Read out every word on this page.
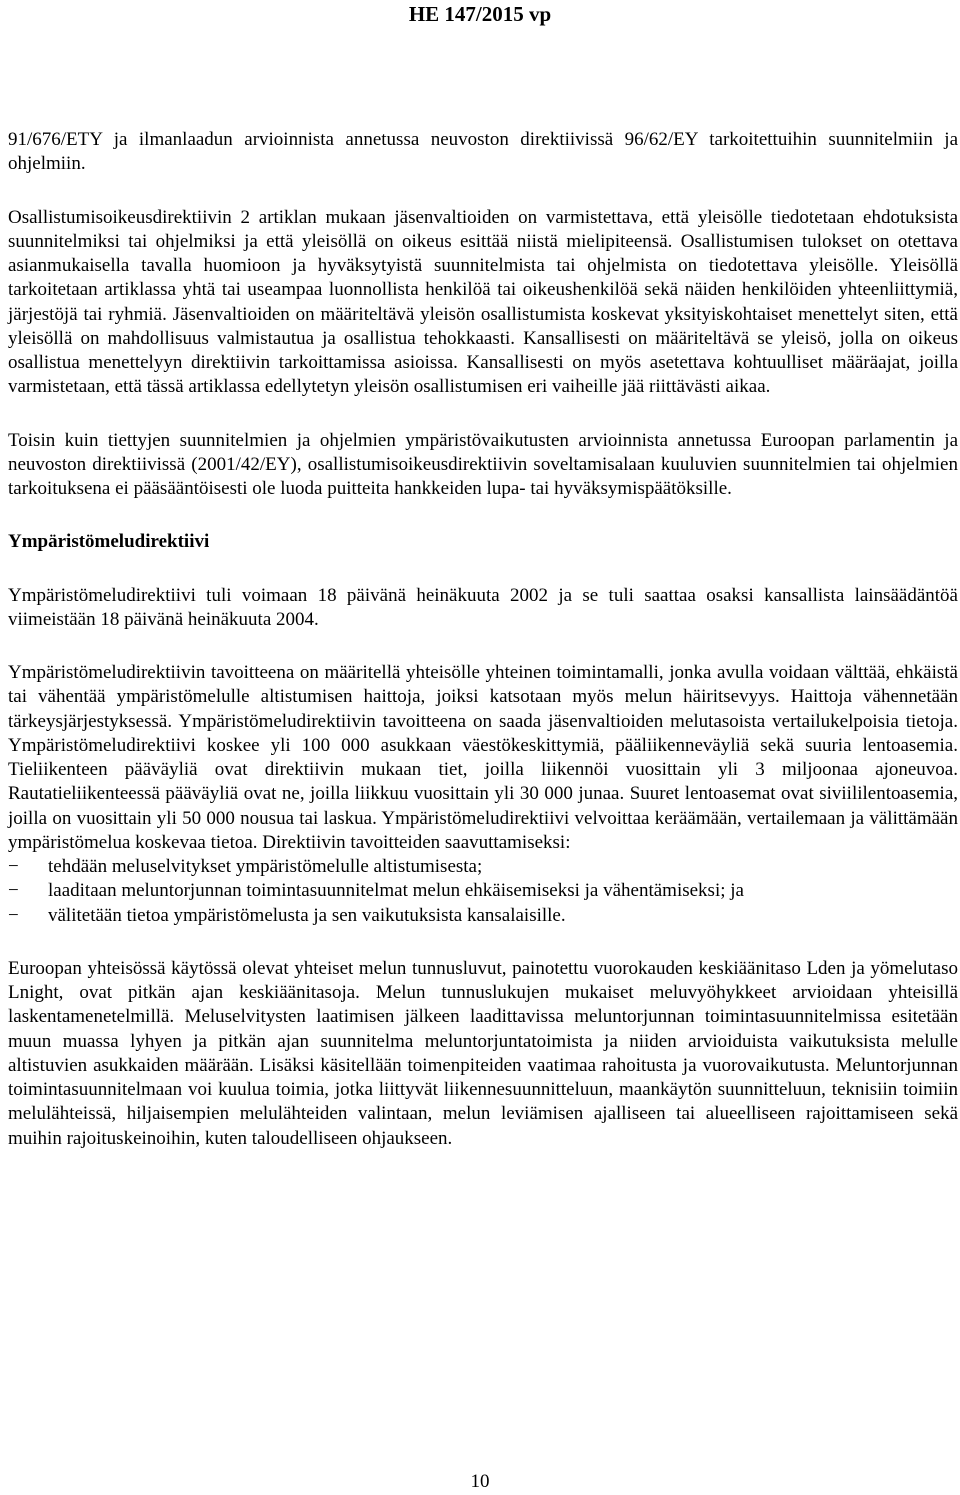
HE 147/2015 vp

91/676/ETY ja ilmanlaadun arvioinnista annetussa neuvoston direktiivissä 96/62/EY tarkoitettuihin suunnitelmiin ja ohjelmiin.

Osallistumisoikeusdirektiivin 2 artiklan mukaan jäsenvaltioiden on varmistettava, että yleisölle tiedotetaan ehdotuksista suunnitelmiksi tai ohjelmiksi ja että yleisöllä on oikeus esittää niistä mielipiteensä. Osallistumisen tulokset on otettava asianmukaisella tavalla huomioon ja hyväksytyistä suunnitelmista tai ohjelmista on tiedotettava yleisölle. Yleisöllä tarkoitetaan artiklassa yhtä tai useampaa luonnollista henkilöä tai oikeushenkilöä sekä näiden henkilöiden yhteenliittymiä, järjestöjä tai ryhmiä. Jäsenvaltioiden on määriteltävä yleisön osallistumista koskevat yksityiskohtaiset menettelyt siten, että yleisöllä on mahdollisuus valmistautua ja osallistua tehokkaasti. Kansallisesti on määriteltävä se yleisö, jolla on oikeus osallistua menettelyyn direktiivin tarkoittamissa asioissa. Kansallisesti on myös asetettava kohtuulliset määräajat, joilla varmistetaan, että tässä artiklassa edellytetyn yleisön osallistumisen eri vaiheille jää riittävästi aikaa.

Toisin kuin tiettyjen suunnitelmien ja ohjelmien ympäristövaikutusten arvioinnista annetussa Euroopan parlamentin ja neuvoston direktiivissä (2001/42/EY), osallistumisoikeusdirektiivin soveltamisalaan kuuluvien suunnitelmien tai ohjelmien tarkoituksena ei pääsääntöisesti ole luoda puitteita hankkeiden lupa- tai hyväksymispäätöksille.

Ympäristömeludirektiivi

Ympäristömeludirektiivi tuli voimaan 18 päivänä heinäkuuta 2002 ja se tuli saattaa osaksi kansallista lainsäädäntöä viimeistään 18 päivänä heinäkuuta 2004.

Ympäristömeludirektiivin tavoitteena on määritellä yhteisölle yhteinen toimintamalli, jonka avulla voidaan välttää, ehkäistä tai vähentää ympäristömelulle altistumisen haittoja, joiksi katsotaan myös melun häiritsevyys. Haittoja vähennetään tärkeysjärjestyksessä. Ympäristömeludirektiivin tavoitteena on saada jäsenvaltioiden melutasoista vertailukelpoisia tietoja. Ympäristömeludirektiivi koskee yli 100 000 asukkaan väestökeskittymiä, pääliikenneväyliä sekä suuria lentoasemia. Tieliikenteen pääväyliä ovat direktiivin mukaan tiet, joilla liikennöi vuosittain yli 3 miljoonaa ajoneuvoa. Rautatieliikenteessä pääväyliä ovat ne, joilla liikkuu vuosittain yli 30 000 junaa. Suuret lentoasemat ovat siviililentoasemia, joilla on vuosittain yli 50 000 nousua tai laskua. Ympäristömeludirektiivi velvoittaa keräämään, vertailemaan ja välittämään ympäristömelua koskevaa tietoa. Direktiivin tavoitteiden saavuttamiseksi:

− tehdään meluselvitykset ympäristömelulle altistumisesta;
− laaditaan meluntorjunnan toimintasuunnitelmat melun ehkäisemiseksi ja vähentämiseksi; ja
− välitetään tietoa ympäristömelusta ja sen vaikutuksista kansalaisille.

Euroopan yhteisössä käytössä olevat yhteiset melun tunnusluvut, painotettu vuorokauden keskiäänitaso Lden ja yömelutaso Lnight, ovat pitkän ajan keskiäänitasoja. Melun tunnuslukujen mukaiset meluvyöhykkeet arvioidaan yhteisillä laskentamenetelmillä. Meluselvitysten laatimisen jälkeen laadittavissa meluntorjunnan toimintasuunnitelmissa esitetään muun muassa lyhyen ja pitkän ajan suunnitelma meluntorjuntatoimista ja niiden arvioiduista vaikutuksista melulle altistuvien asukkaiden määrään. Lisäksi käsitellään toimenpiteiden vaatimaa rahoitusta ja vuorovaikutusta. Meluntorjunnan toimintasuunnitelmaan voi kuulua toimia, jotka liittyvät liikennesuunnitteluun, maankäytön suunnitteluun, teknisiin toimiin melulähteissä, hiljaisempien melulähteiden valintaan, melun leviämisen ajalliseen tai alueelliseen rajoittamiseen sekä muihin rajoituskeinoihin, kuten taloudelliseen ohjaukseen.

10
